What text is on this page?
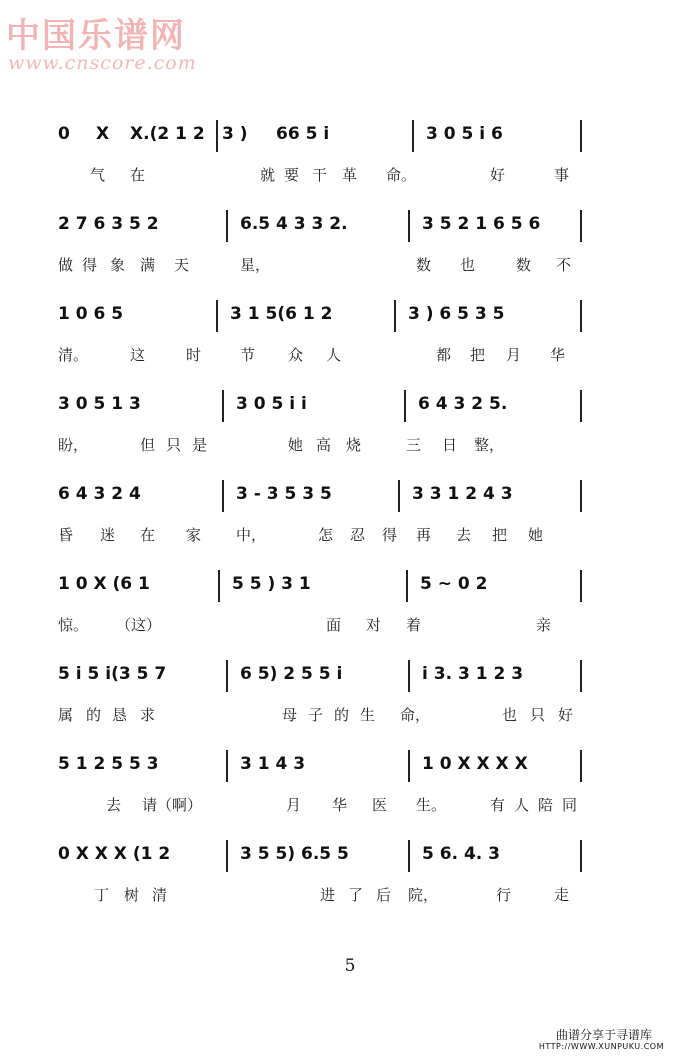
中国乐谱网
www.cnscore.com
0 X X.(2 1 2 3 ) 66 5 i	3 0 5 i 6
气 在	就 要 干 革 命。	好	事
2 7 6 3 5 2	6.5 4 3 3 2.	3 5 2 1 6 5 6
做 得 象 满 天	星，	数 也	数 不
1 0 6 5	3 1 5(6 1 2	3 ) 6 5 3 5
清。	这	时	节 众 人	都 把 月 华
3 0 5 1 3	3 0 5 i i	6 4 3 2 5.
盼，	但 只 是	她 高 烧	三 日 整，
6 4 3 2 4	3 - 3 5 3 5	3 3 1 2 4 3
昏 迷 在 家 中，	怎 忍 得 再 去 把 她
1 0 X (6 1	5 5 ) 3 1	5 ~ 0 2
惊。 （这）	面 对 着	亲
5 i 5 i(3 5 7	6 5) 2 5 5 i	i 3. 3 1 2 3
属 的 恳 求	母 子 的 生 命，	也 只 好
5 1 2 5 5 3	3 1 4 3	1 0 X X X X
去 请（啊）	月 华 医 生。	有 人 陪 同
0 X X X (1 2	3 5 5) 6.5 5	5 6. 4. 3
丁 树 清	进 了 后 院，	行	走
5
曲谱分享于寻谱库
HTTP://WWW.XUNPUKU.COM
